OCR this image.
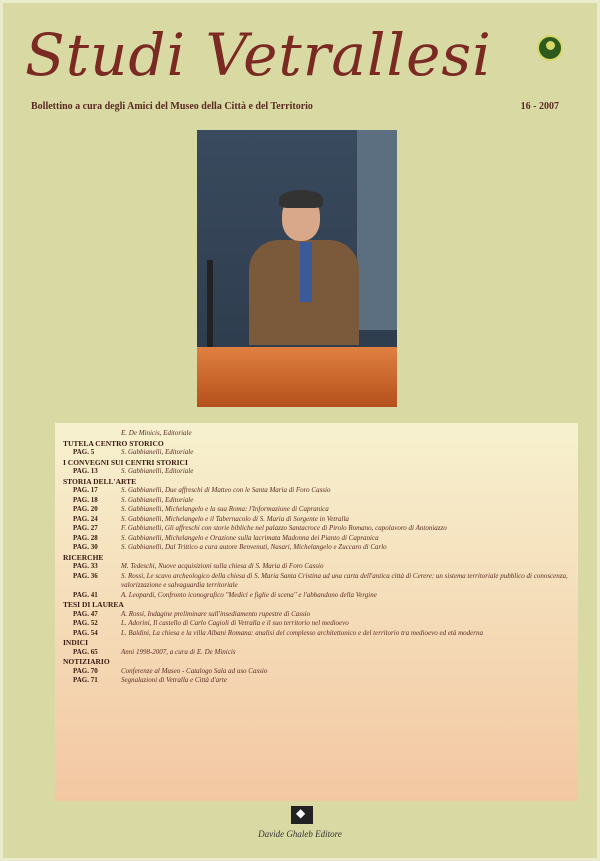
Studi Vetrallesi
Bollettino a cura degli Amici del Museo della Città e del Territorio	16 - 2007
E. De Minicis, Editoriale
TUTELA CENTRO STORICO
PAG. 5	S. Gabbianelli, Editoriale
I CONVEGNI SUI CENTRI STORICI
PAG. 13	S. Gabbianelli, Editoriale
STORIA DELL'ARTE
PAG. 17	S. Gabbianelli, Due affreschi di Matteo con le Santa Maria di Foro Cassio
PAG. 18	S. Gabbianelli, Editoriale
PAG. 20	S. Gabbianelli, Michelangelo e la sua Roma: l'Informazione di Capranica
PAG. 24	S. Gabbianelli, Michelangelo e il Tabernacolo di S. Maria di Sorgente in Vetralla
PAG. 27	F. Gabbianelli, Gli affreschi con storie bibliche nel palazzo Santacroce di Pirolo Romano, capolavoro di Antoniazzo
PAG. 28	S. Gabbianelli, Michelangelo e Orazione sulla lacrimata Madonna dei Pianto di Capranica
PAG. 30	S. Gabbianelli, Dal Trittico a cura autore Benvenuti, Nasari, Michelangelo e Zuccaro di Carlo
RICERCHE
PAG. 33	M. Tedeschi, Nuove acquisizioni sulla chiesa di S. Maria di Foro Cassio
PAG. 36	S. Rossi, Le scavo archeologico della chiesa di S. Maria Santa Cristina ad una carta dell'antica città di Cerere: un sistema territoriale pubblico di conoscenza, valorizzazione e salvaguardia territoriale
PAG. 41	A. Leopardi, Confronto iconografico "Medici e figlie di scena" e l'abbandono della Vergine
TESI DI LAUREA
PAG. 47	A. Rossi, Indagine preliminare sull'insediamento rupestre di Cassio
PAG. 52	L. Adorini, Il castello di Carlo Cagioli di Vetralla e il suo territorio nel medioevo
PAG. 54	L. Baldini, La chiesa e la villa Albani Romana: analisi del complesso architettonico e del territorio tra medioevo ed età moderna
INDICI
PAG. 65	Anni 1998-2007, a cura di E. De Minicis
NOTIZIARIO
PAG. 70	Conferenze al Museo - Catalogo Sala ad uso Cassio
PAG. 71	Segnalazioni di Vetralla e Città d'arte
◆
Davide Ghaleb Editore
